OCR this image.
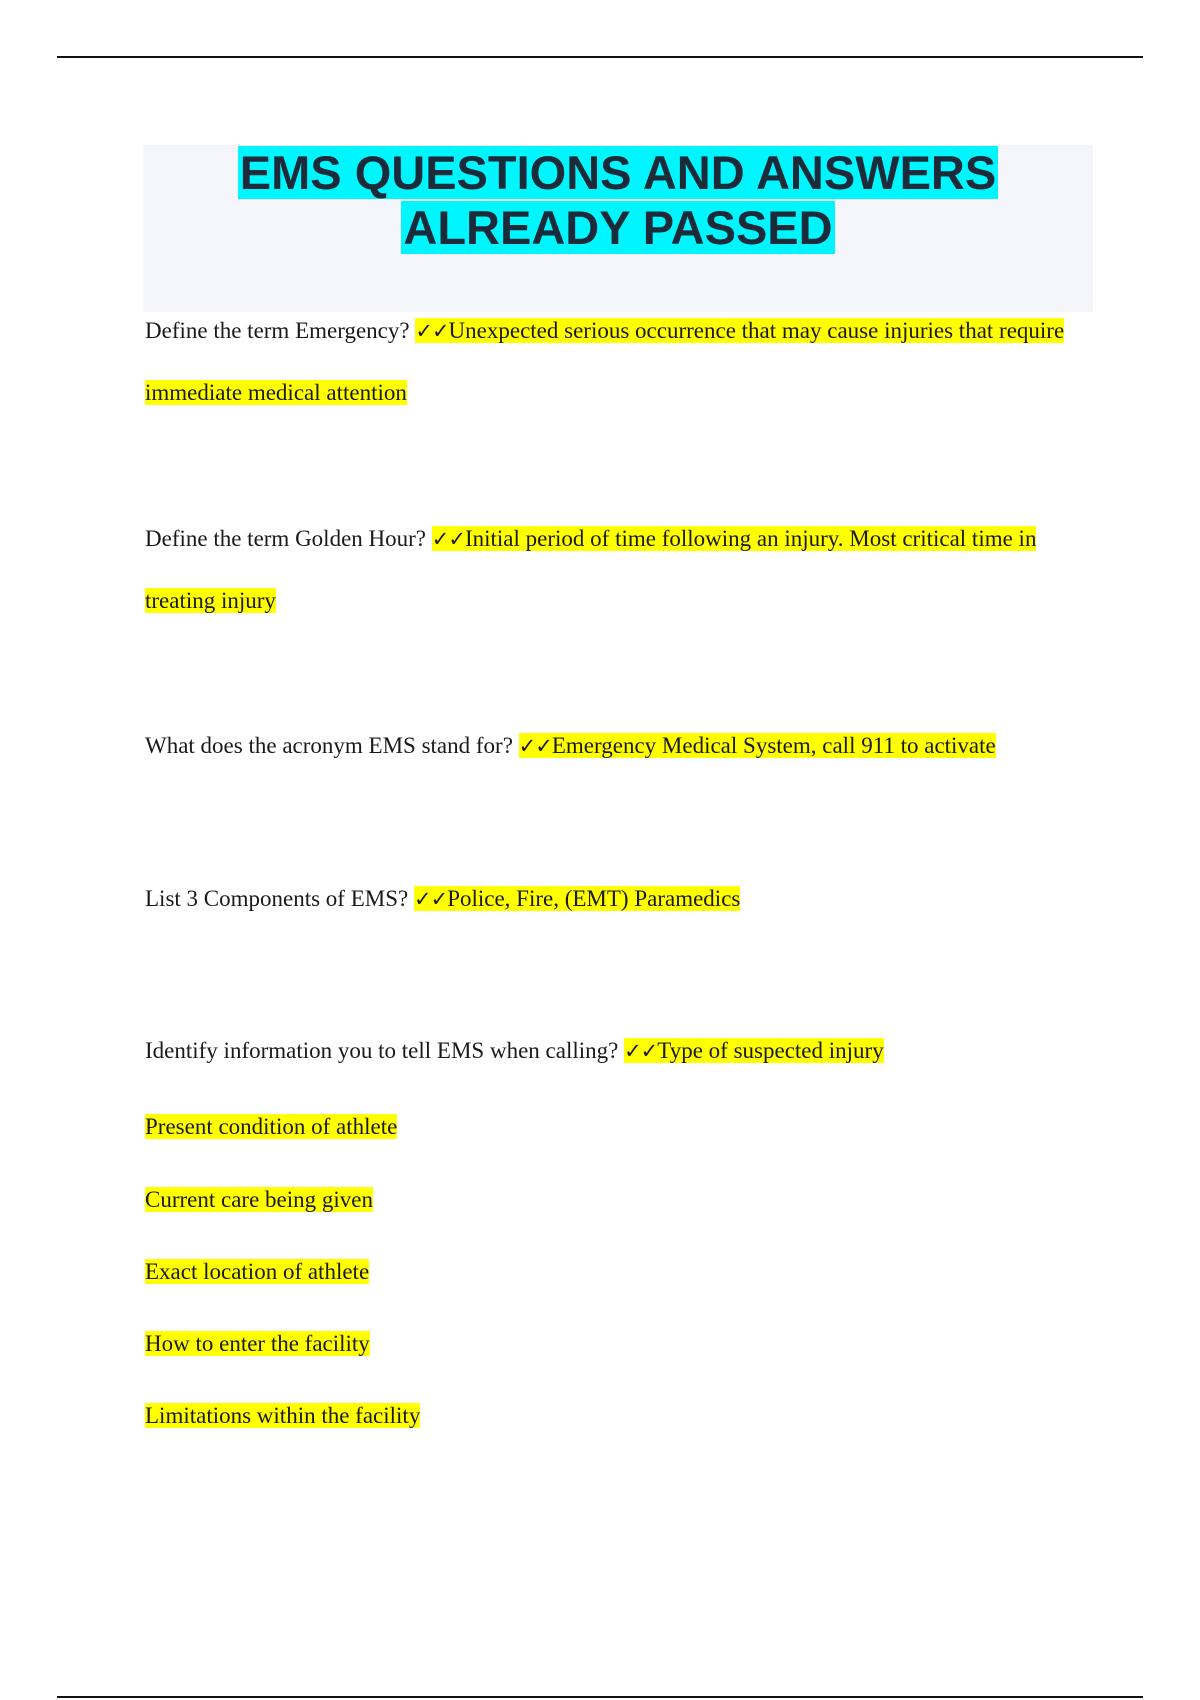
EMS QUESTIONS AND ANSWERS ALREADY PASSED

Define the term Emergency? ✓✓Unexpected serious occurrence that may cause injuries that require immediate medical attention

Define the term Golden Hour? ✓✓Initial period of time following an injury. Most critical time in treating injury

What does the acronym EMS stand for? ✓✓Emergency Medical System, call 911 to activate

List 3 Components of EMS? ✓✓Police, Fire, (EMT) Paramedics

Identify information you to tell EMS when calling? ✓✓Type of suspected injury

Present condition of athlete

Current care being given

Exact location of athlete

How to enter the facility

Limitations within the facility
